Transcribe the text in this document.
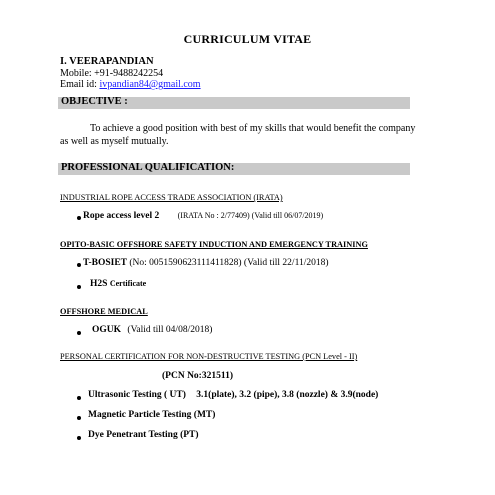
CURRICULUM VITAE
I. VEERAPANDIAN
Mobile: +91-9488242254
Email id: ivpandian84@gmail.com
OBJECTIVE :
To achieve a good position with best of my skills that would benefit the company as well as myself mutually.
PROFESSIONAL QUALIFICATION:
INDUSTRIAL ROPE ACCESS TRADE ASSOCIATION (IRATA)
Rope access level 2 (IRATA No : 2/77409) (Valid till 06/07/2019)
OPITO-BASIC OFFSHORE SAFETY INDUCTION AND EMERGENCY TRAINING
T-BOSIET (No: 005159062311141182​8) (Valid till 22/11/2018)
H2S Certificate
OFFSHORE MEDICAL
OGUK (Valid till 04/08/2018)
PERSONAL CERTIFICATION FOR NON-DESTRUCTIVE TESTING (PCN Level - II)
(PCN No:321511)
Ultrasonic Testing ( UT) 3.1(plate), 3.2 (pipe), 3.8 (nozzle) & 3.9(node)
Magnetic Particle Testing (MT)
Dye Penetrant Testing (PT)
